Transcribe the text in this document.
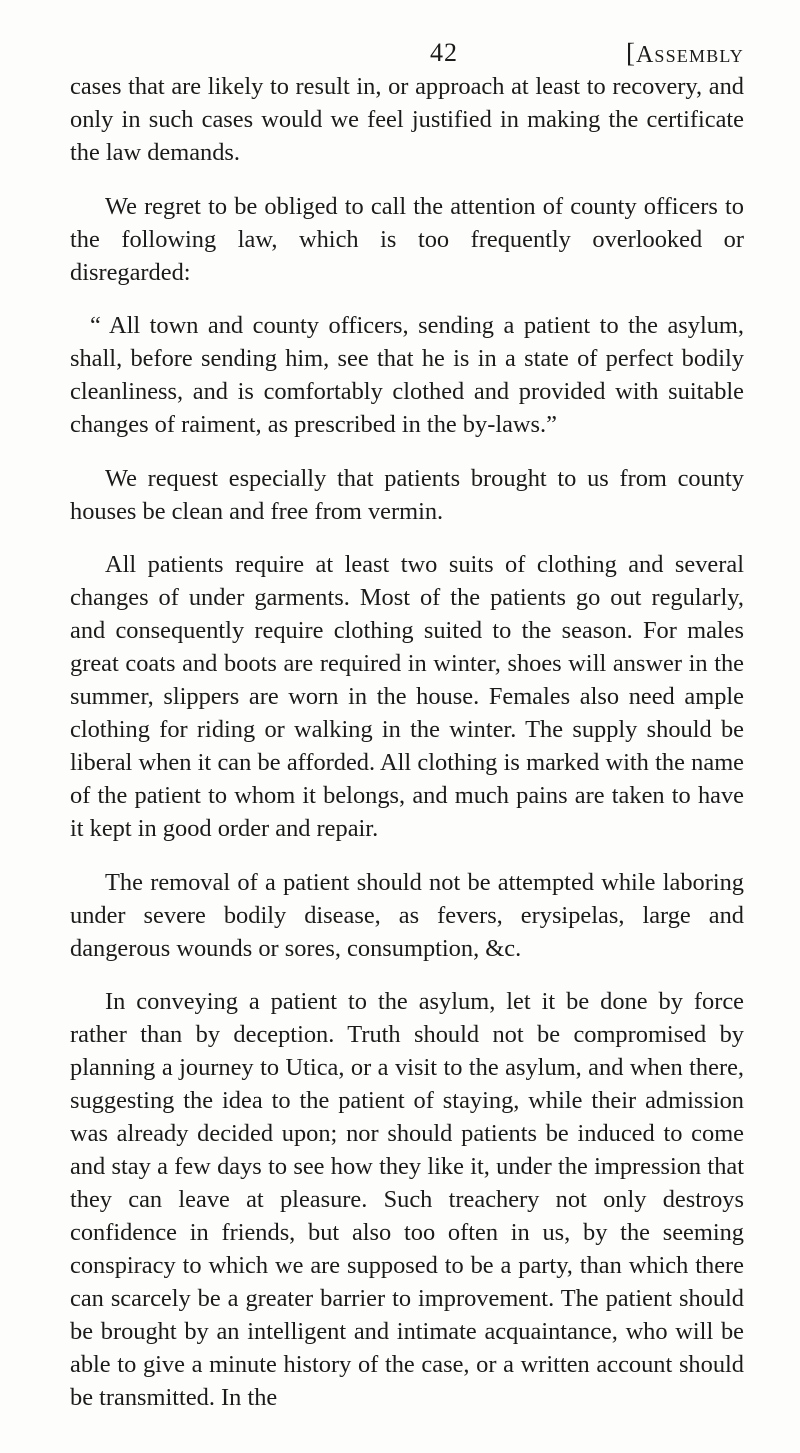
42	[ASSEMBLY

cases that are likely to result in, or approach at least to recovery, and only in such cases would we feel justified in making the certificate the law demands.

We regret to be obliged to call the attention of county officers to the following law, which is too frequently overlooked or disregarded:

“ All town and county officers, sending a patient to the asylum, shall, before sending him, see that he is in a state of perfect bodily cleanliness, and is comfortably clothed and provided with suitable changes of raiment, as prescribed in the by-laws.”

We request especially that patients brought to us from county houses be clean and free from vermin.

All patients require at least two suits of clothing and several changes of under garments. Most of the patients go out regularly, and consequently require clothing suited to the season. For males great coats and boots are required in winter, shoes will answer in the summer, slippers are worn in the house. Females also need ample clothing for riding or walking in the winter. The supply should be liberal when it can be afforded. All clothing is marked with the name of the patient to whom it belongs, and much pains are taken to have it kept in good order and repair.

The removal of a patient should not be attempted while laboring under severe bodily disease, as fevers, erysipelas, large and dangerous wounds or sores, consumption, &c.

In conveying a patient to the asylum, let it be done by force rather than by deception. Truth should not be compromised by planning a journey to Utica, or a visit to the asylum, and when there, suggesting the idea to the patient of staying, while their admission was already decided upon; nor should patients be induced to come and stay a few days to see how they like it, under the impression that they can leave at pleasure. Such treachery not only destroys confidence in friends, but also too often in us, by the seeming conspiracy to which we are supposed to be a party, than which there can scarcely be a greater barrier to improvement. The patient should be brought by an intelligent and intimate acquaintance, who will be able to give a minute history of the case, or a written account should be transmitted. In the
